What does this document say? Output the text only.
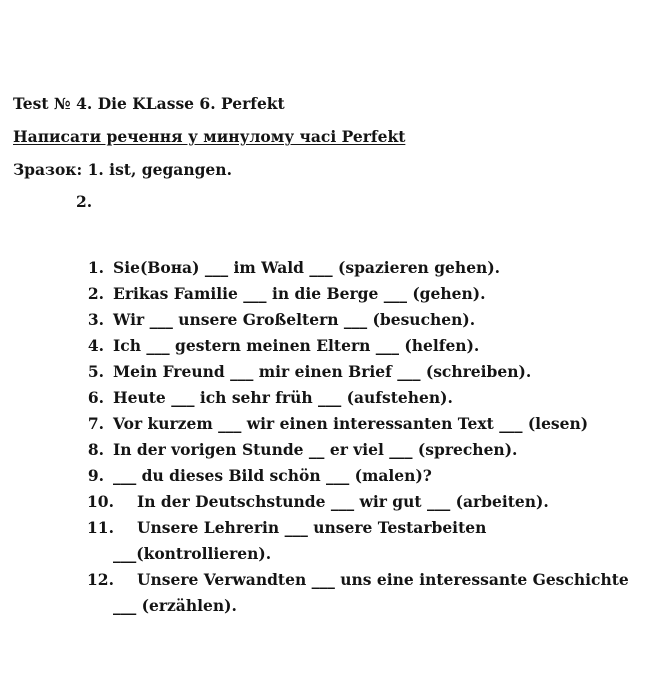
Test № 4. Die KLasse 6. Perfekt
Написати речення у минулому часі Perfekt
Зразок: 1. ist, gegangen.
2.
1. Sie(Вона) ___ im Wald ___ (spazieren gehen).
2. Erikas Familie ___ in die Berge ___ (gehen).
3. Wir ___ unsere Großeltern ___ (besuchen).
4. Ich ___ gestern meinen Eltern ___ (helfen).
5. Mein Freund ___ mir einen Brief ___ (schreiben).
6. Heute ___ ich sehr früh ___ (aufstehen).
7. Vor kurzem ___ wir einen interessanten Text ___ (lesen)
8. In der vorigen Stunde __ er viel ___ (sprechen).
9. ___ du dieses Bild schön ___ (malen)?
10. In der Deutschstunde ___ wir gut ___ (arbeiten).
11. Unsere Lehrerin ___ unsere Testarbeiten
___(kontrollieren).
12. Unsere Verwandten ___ uns eine interessante Geschichte
___ (erzählen).
